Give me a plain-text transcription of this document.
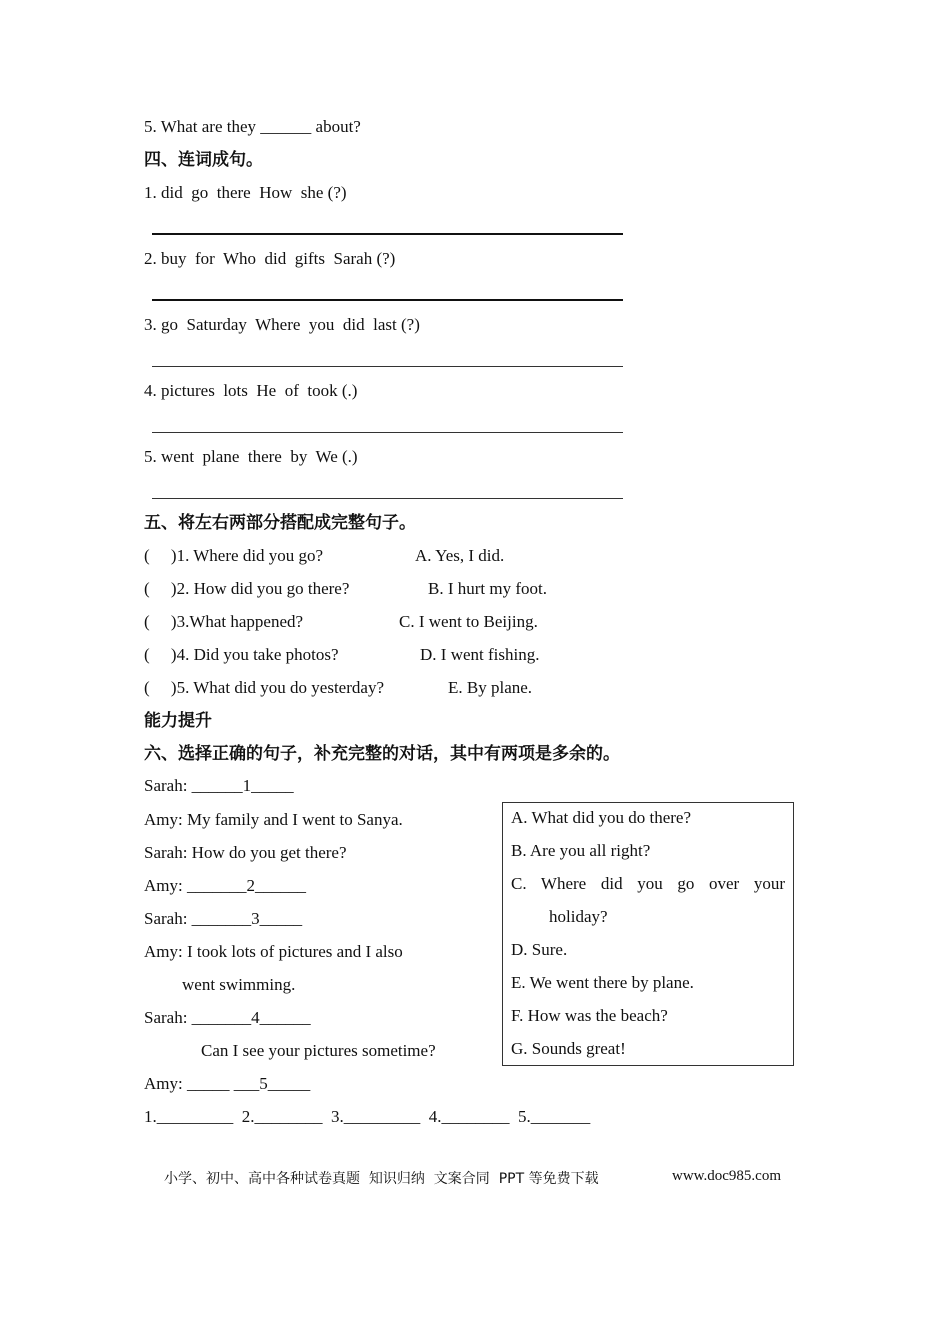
5. What are they ______ about?
四、连词成句。
1. did  go  there  How  she (?)
2. buy  for  Who  did  gifts  Sarah (?)
3. go  Saturday  Where  you  did  last (?)
4. pictures  lots  He  of  took (.)
5. went  plane  there  by  We (.)
五、将左右两部分搭配成完整句子。
(     )1. Where did you go?	A. Yes, I did.
(     )2. How did you go there?	B. I hurt my foot.
(     )3.What happened?	C. I went to Beijing.
(     )4. Did you take photos?	D. I went fishing.
(     )5. What did you do yesterday?	E. By plane.
能力提升
六、选择正确的句子，补充完整的对话，其中有两项是多余的。
Sarah: ______1_____
Amy: My family and I went to Sanya.
Sarah: How do you get there?
Amy: _______2______
Sarah: _______3_____
Amy: I took lots of pictures and I also
went swimming.
Sarah: _______4______
Can I see your pictures sometime?
Amy: _____ ___5_____
A. What did you do there?
B. Are you all right?
C. Where did you go over your
holiday?
D. Sure.
E. We went there by plane.
F. How was the beach?
G. Sounds great!
1._________  2.________  3._________  4.________  5._______
小学、初中、高中各种试卷真题  知识归纳  文案合同  PPT 等免费下载	www.doc985.com
